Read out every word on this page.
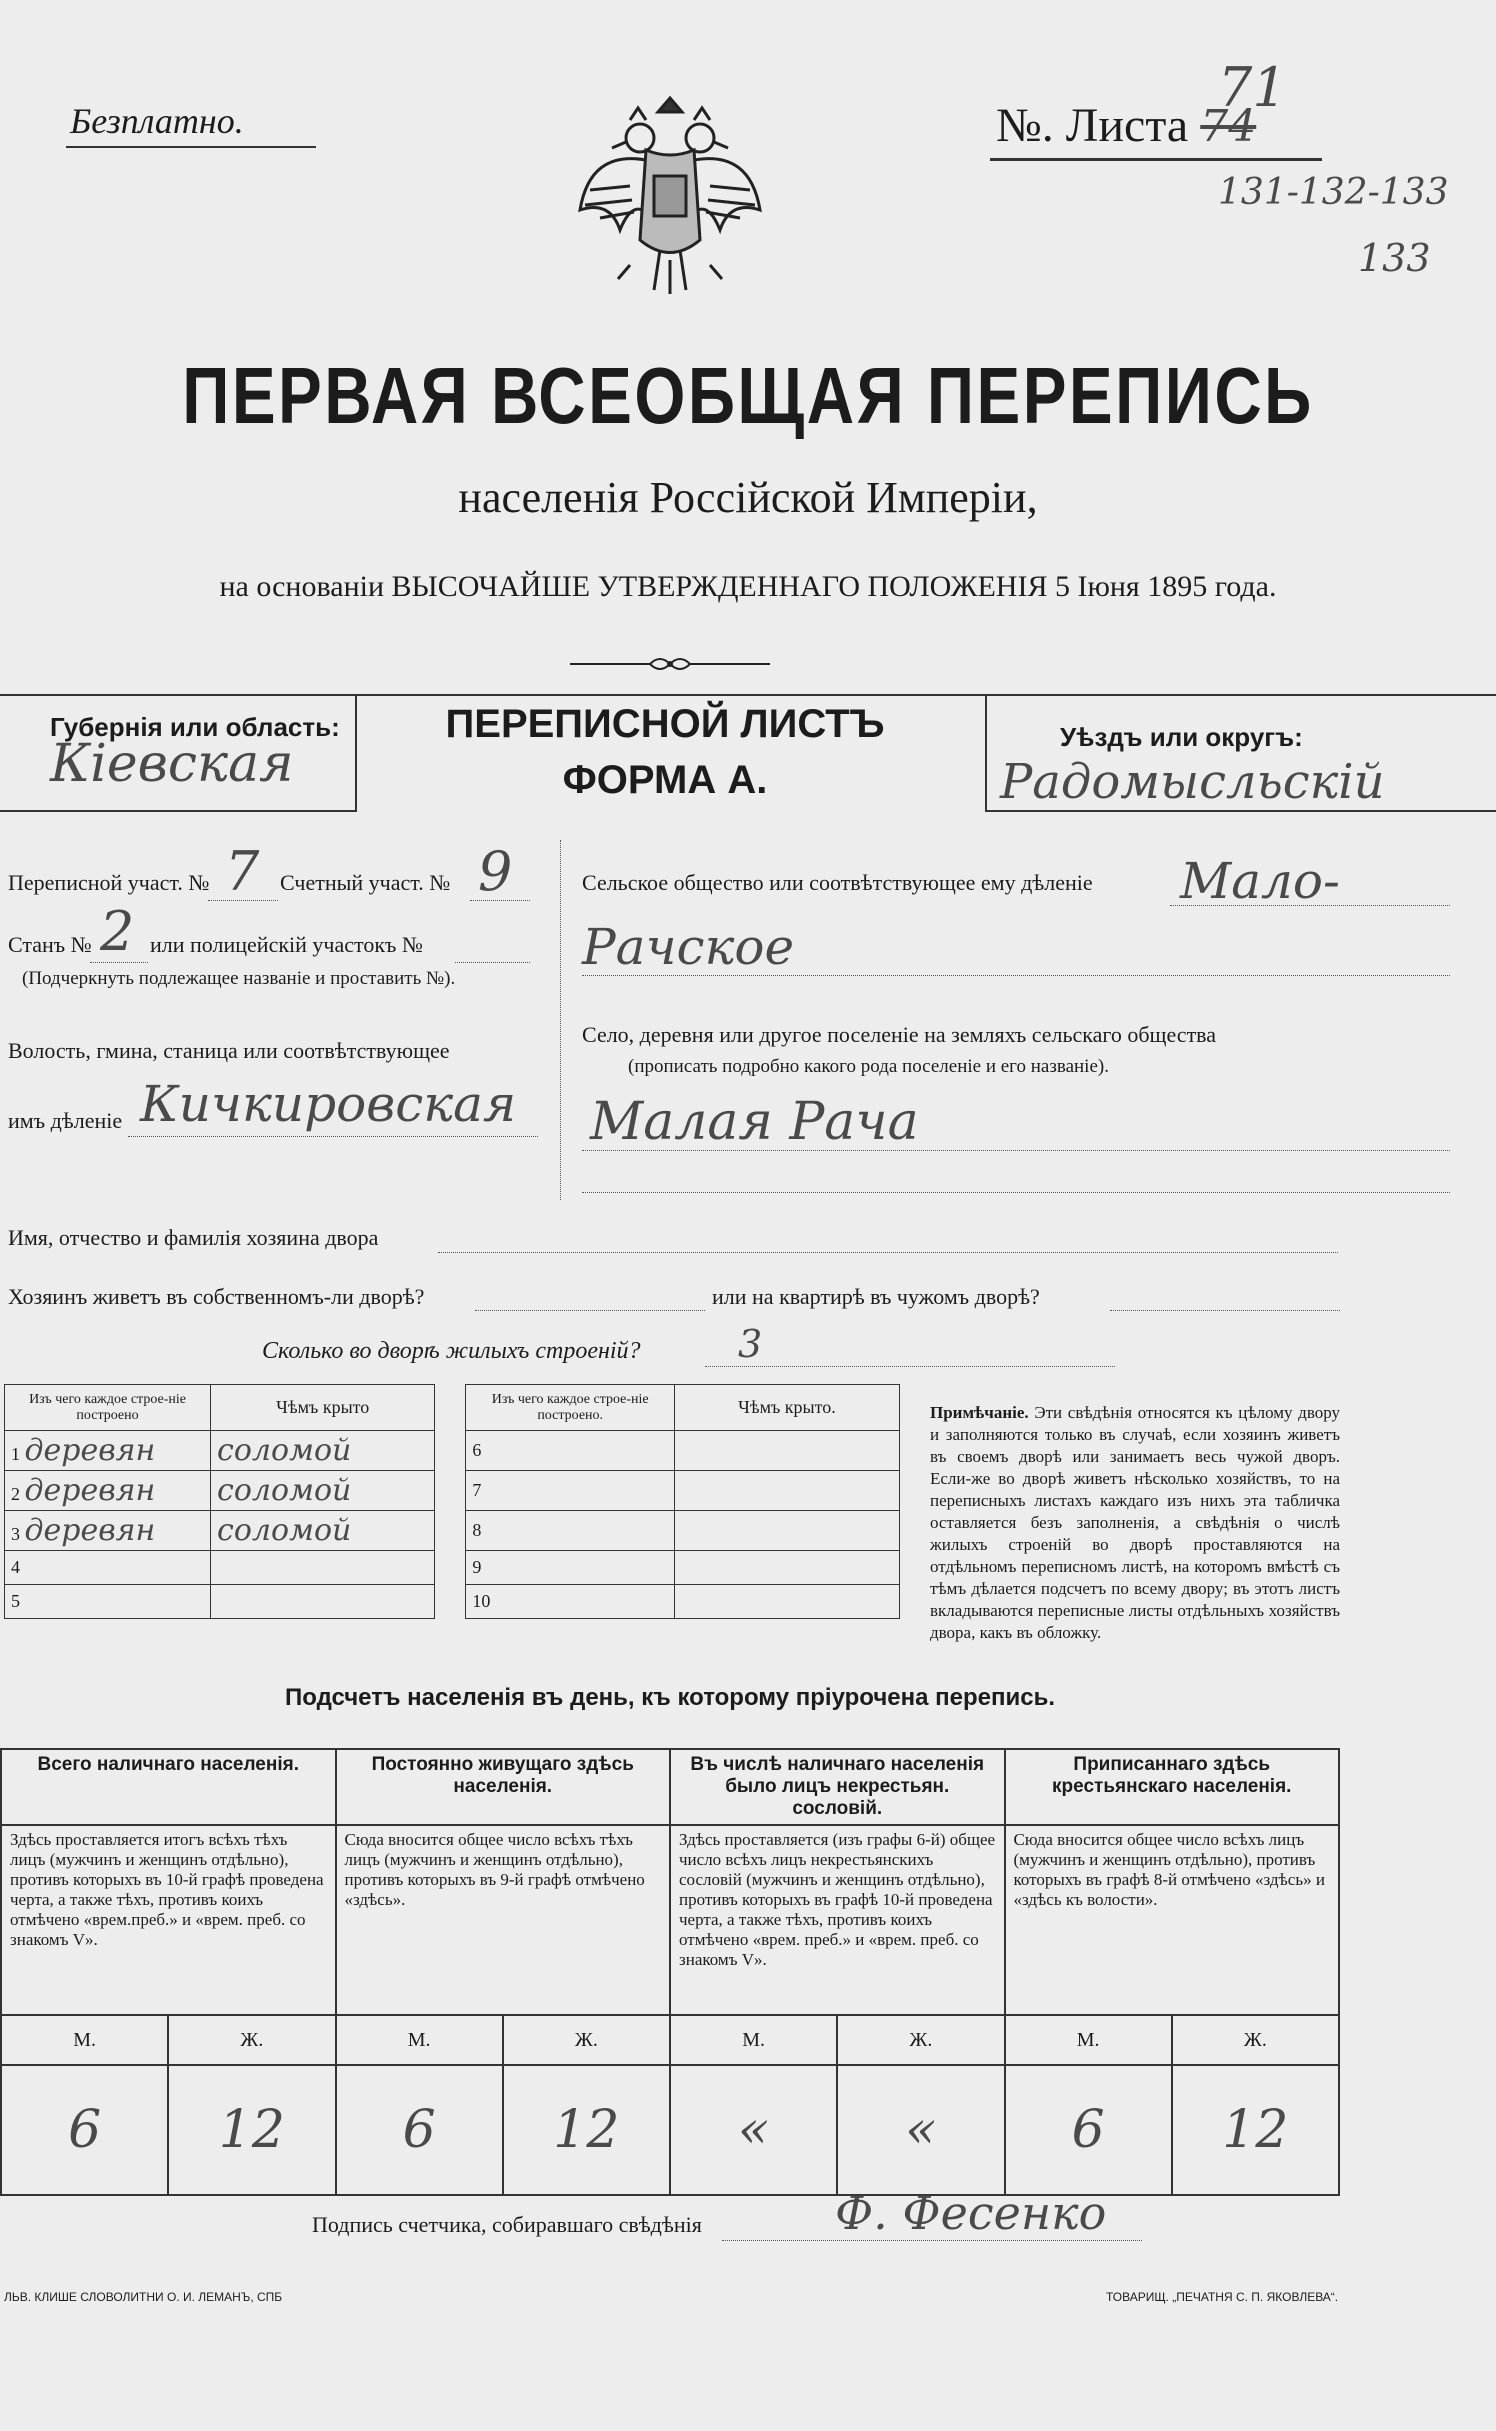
Безплатно.	№. Листа 74
71
131-132-133
133
ПЕРВАЯ ВСЕОБЩАЯ ПЕРЕПИСЬ
населенія Россійской Имперіи,
на основаніи ВЫСОЧАЙШЕ УТВЕРЖДЕННАГО ПОЛОЖЕНІЯ 5 Іюня 1895 года.
Губернія или область:
Кіевская
ПЕРЕПИСНОЙ ЛИСТЪ
ФОРМА А.
Уѣздъ или округъ:
Радомысльскій
Переписной участ. № 7 Счетный участ. № 9
Станъ № 2 или полицейскій участокъ №
(Подчеркнуть подлежащее названіе и проставить №).
Волость, гмина, станица или соотвѣтствующее
имъ дѣленіе Кичкировская
Сельское общество или соотвѣтствующее ему дѣленіе Мало-
Рачское
Село, деревня или другое поселеніе на земляхъ сельскаго общества
(прописать подробно какого рода поселеніе и его названіе).
Малая Рача
Имя, отчество и фамилія хозяина двора
Хозяинъ живетъ въ собственномъ-ли дворѣ?	или на квартирѣ въ чужомъ дворѣ?
Сколько во дворѣ жилыхъ строеній?	3
Изъ чего каждое строе-ніе построено	Чѣмъ крыто		Изъ чего каждое строе-ніе построено.	Чѣмъ крыто.
1 деревян	соломой		6	
2 деревян	соломой		7	
3 деревян	соломой		8	
4			9	
5			10	
Примѣчаніе. Эти свѣдѣнія относятся къ цѣлому двору и заполняются только въ случаѣ, если хозяинъ живетъ въ своемъ дворѣ или занимаетъ весь чужой дворъ. Если-же во дворѣ живетъ нѣсколько хозяйствъ, то на переписныхъ листахъ каждаго изъ нихъ эта табличка оставляется безъ заполненія, а свѣдѣнія о числѣ жилыхъ строеній во дворѣ проставляются на отдѣльномъ переписномъ листѣ, на которомъ вмѣстѣ съ тѣмъ дѣлается подсчетъ по всему двору; въ этотъ листъ вкладываются переписные листы отдѣльныхъ хозяйствъ двора, какъ въ обложку.
Подсчетъ населенія въ день, къ которому пріурочена перепись.
Всего наличнаго населенія.		Постоянно живущаго здѣсь населенія.		Въ числѣ наличнаго населенія было лицъ некрестьян. сословій.		Приписаннаго здѣсь крестьянскаго населенія.	
Здѣсь проставляется итогъ всѣхъ тѣхъ лицъ (мужчинъ и женщинъ отдѣльно), противъ которыхъ въ 10-й графѣ проведена черта, а также тѣхъ, противъ коихъ отмѣчено «врем.преб.» и «врем. преб. со знакомъ V».		Сюда вносится общее число всѣхъ тѣхъ лицъ (мужчинъ и женщинъ отдѣльно), противъ которыхъ въ 9-й графѣ отмѣчено «здѣсь».		Здѣсь проставляется (изъ графы 6-й) общее число всѣхъ лицъ некрестьянскихъ сословій (мужчинъ и женщинъ отдѣльно), противъ которыхъ въ графѣ 10-й проведена черта, а также тѣхъ, противъ коихъ отмѣчено «врем. преб.» и «врем. преб. со знакомъ V».		Сюда вносится общее число всѣхъ лицъ (мужчинъ и женщинъ отдѣльно), противъ которыхъ въ графѣ 8-й отмѣчено «здѣсь» и «здѣсь къ волости».	
М.	Ж.	М.	Ж.	М.	Ж.	М.	Ж.
6	12	6	12	«	«	6	12
Подпись счетчика, собиравшаго свѣдѣнія	Ф. Фесенко
ЛЬВ. КЛИШЕ СЛОВОЛИТНИ О. И. ЛЕМАНЪ, СПБ	ТОВАРИЩ. „ПЕЧАТНЯ С. П. ЯКОВЛЕВА“.
